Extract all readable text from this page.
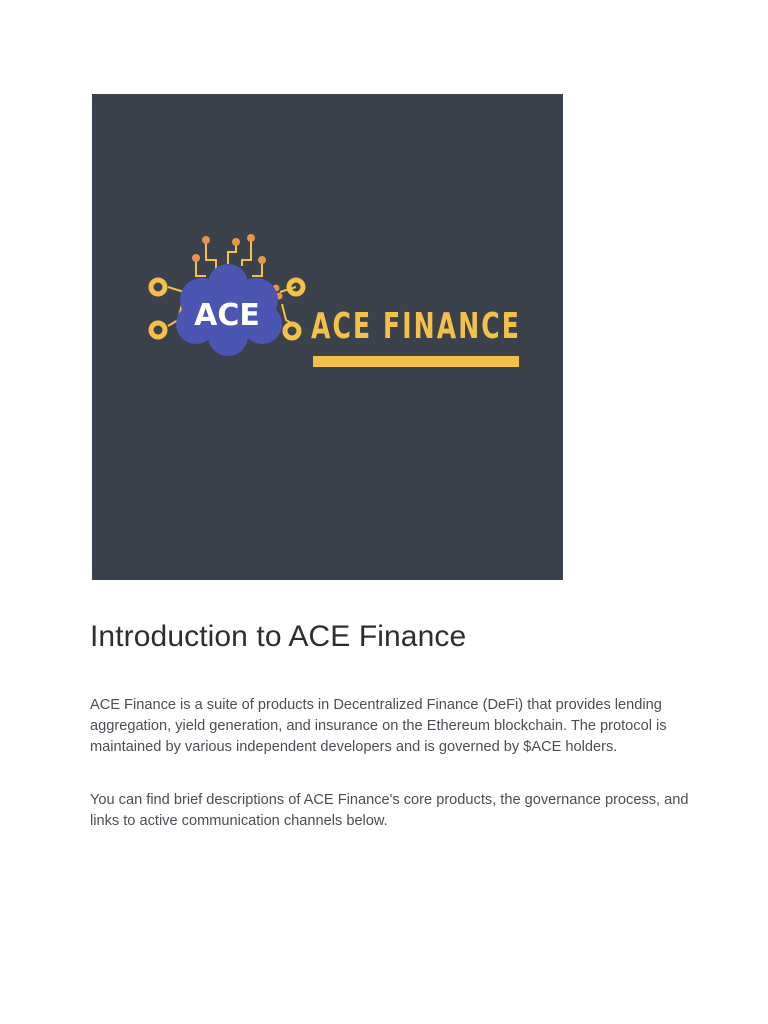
ACE ACE FINANCE
Introduction to ACE Finance

ACE Finance is a suite of products in Decentralized Finance (DeFi) that provides lending aggregation, yield generation, and insurance on the Ethereum blockchain. The protocol is maintained by various independent developers and is governed by $ACE holders.

You can find brief descriptions of ACE Finance's core products, the governance process, and links to active communication channels below.
